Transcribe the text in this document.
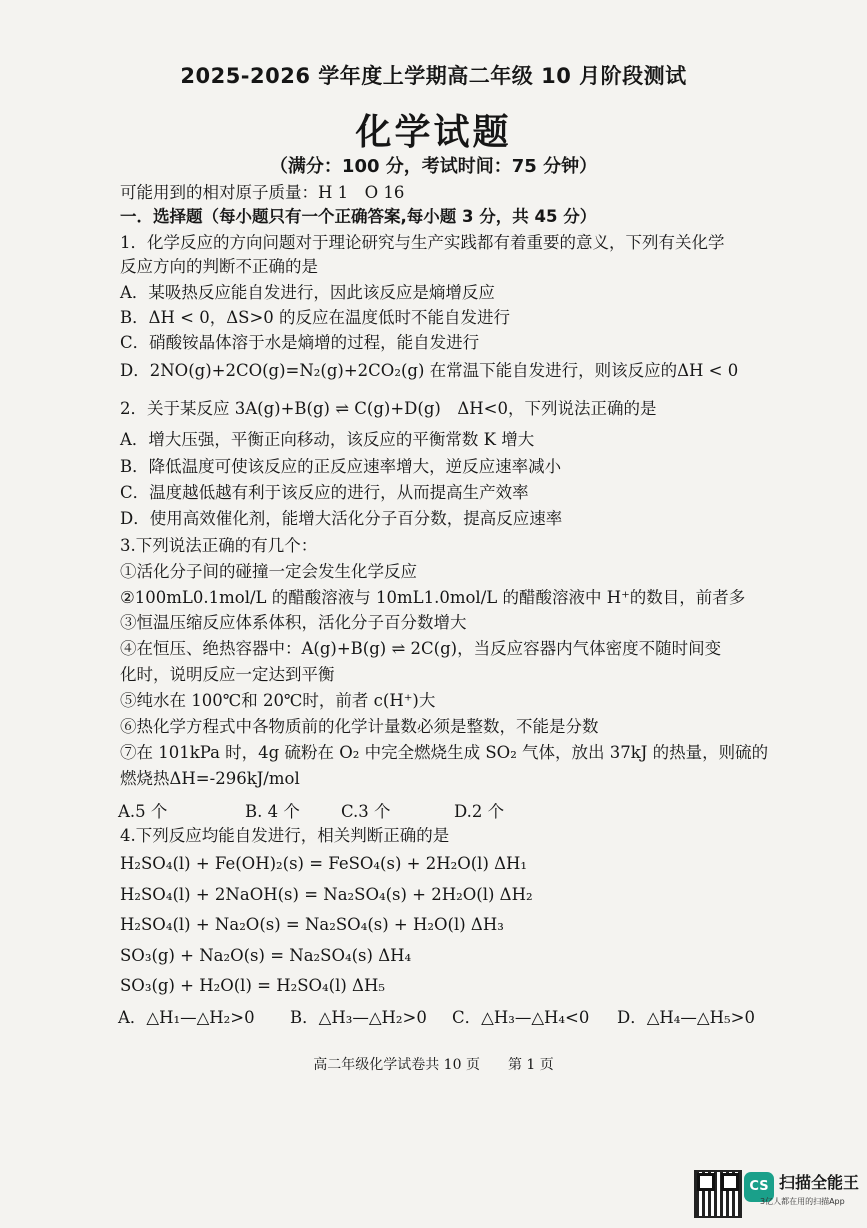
2025-2026 学年度上学期高二年级 10 月阶段测试
化学试题
（满分：100 分，考试时间：75 分钟）
可能用到的相对原子质量：H 1　O 16
一．选择题（每小题只有一个正确答案,每小题 3 分，共 45 分）
1．化学反应的方向问题对于理论研究与生产实践都有着重要的意义，下列有关化学
反应方向的判断不正确的是
A．某吸热反应能自发进行，因此该反应是熵增反应
B．ΔH < 0，ΔS>0 的反应在温度低时不能自发进行
C．硝酸铵晶体溶于水是熵增的过程，能自发进行
D．2NO(g)+2CO(g)=N₂(g)+2CO₂(g) 在常温下能自发进行，则该反应的ΔH < 0
2．关于某反应 3A(g)+B(g) ⇌ C(g)+D(g)　ΔH<0，下列说法正确的是
A．增大压强，平衡正向移动，该反应的平衡常数 K 增大
B．降低温度可使该反应的正反应速率增大，逆反应速率减小
C．温度越低越有利于该反应的进行，从而提高生产效率
D．使用高效催化剂，能增大活化分子百分数，提高反应速率
3.下列说法正确的有几个：
①活化分子间的碰撞一定会发生化学反应
②100mL0.1mol/L 的醋酸溶液与 10mL1.0mol/L 的醋酸溶液中 H⁺的数目，前者多
③恒温压缩反应体系体积，活化分子百分数增大
④在恒压、绝热容器中：A(g)+B(g) ⇌ 2C(g)，当反应容器内气体密度不随时间变
化时，说明反应一定达到平衡
⑤纯水在 100℃和 20℃时，前者 c(H⁺)大
⑥热化学方程式中各物质前的化学计量数必须是整数，不能是分数
⑦在 101kPa 时，4g 硫粉在 O₂ 中完全燃烧生成 SO₂ 气体，放出 37kJ 的热量，则硫的
燃烧热ΔH=-296kJ/mol
A.5 个	B. 4 个 C.3 个	D.2 个
4.下列反应均能自发进行，相关判断正确的是
H₂SO₄(l) + Fe(OH)₂(s) = FeSO₄(s) + 2H₂O(l) ΔH₁
H₂SO₄(l) + 2NaOH(s) = Na₂SO₄(s) + 2H₂O(l) ΔH₂
H₂SO₄(l) + Na₂O(s) = Na₂SO₄(s) + H₂O(l) ΔH₃
SO₃(g) + Na₂O(s) = Na₂SO₄(s) ΔH₄
SO₃(g) + H₂O(l) = H₂SO₄(l) ΔH₅
A．△H₁—△H₂>0 B．△H₃—△H₂>0 C．△H₃—△H₄<0 D．△H₄—△H₅>0
高二年级化学试卷共 10 页　　第 1 页
CS 扫描全能王
3亿人都在用的扫描App
